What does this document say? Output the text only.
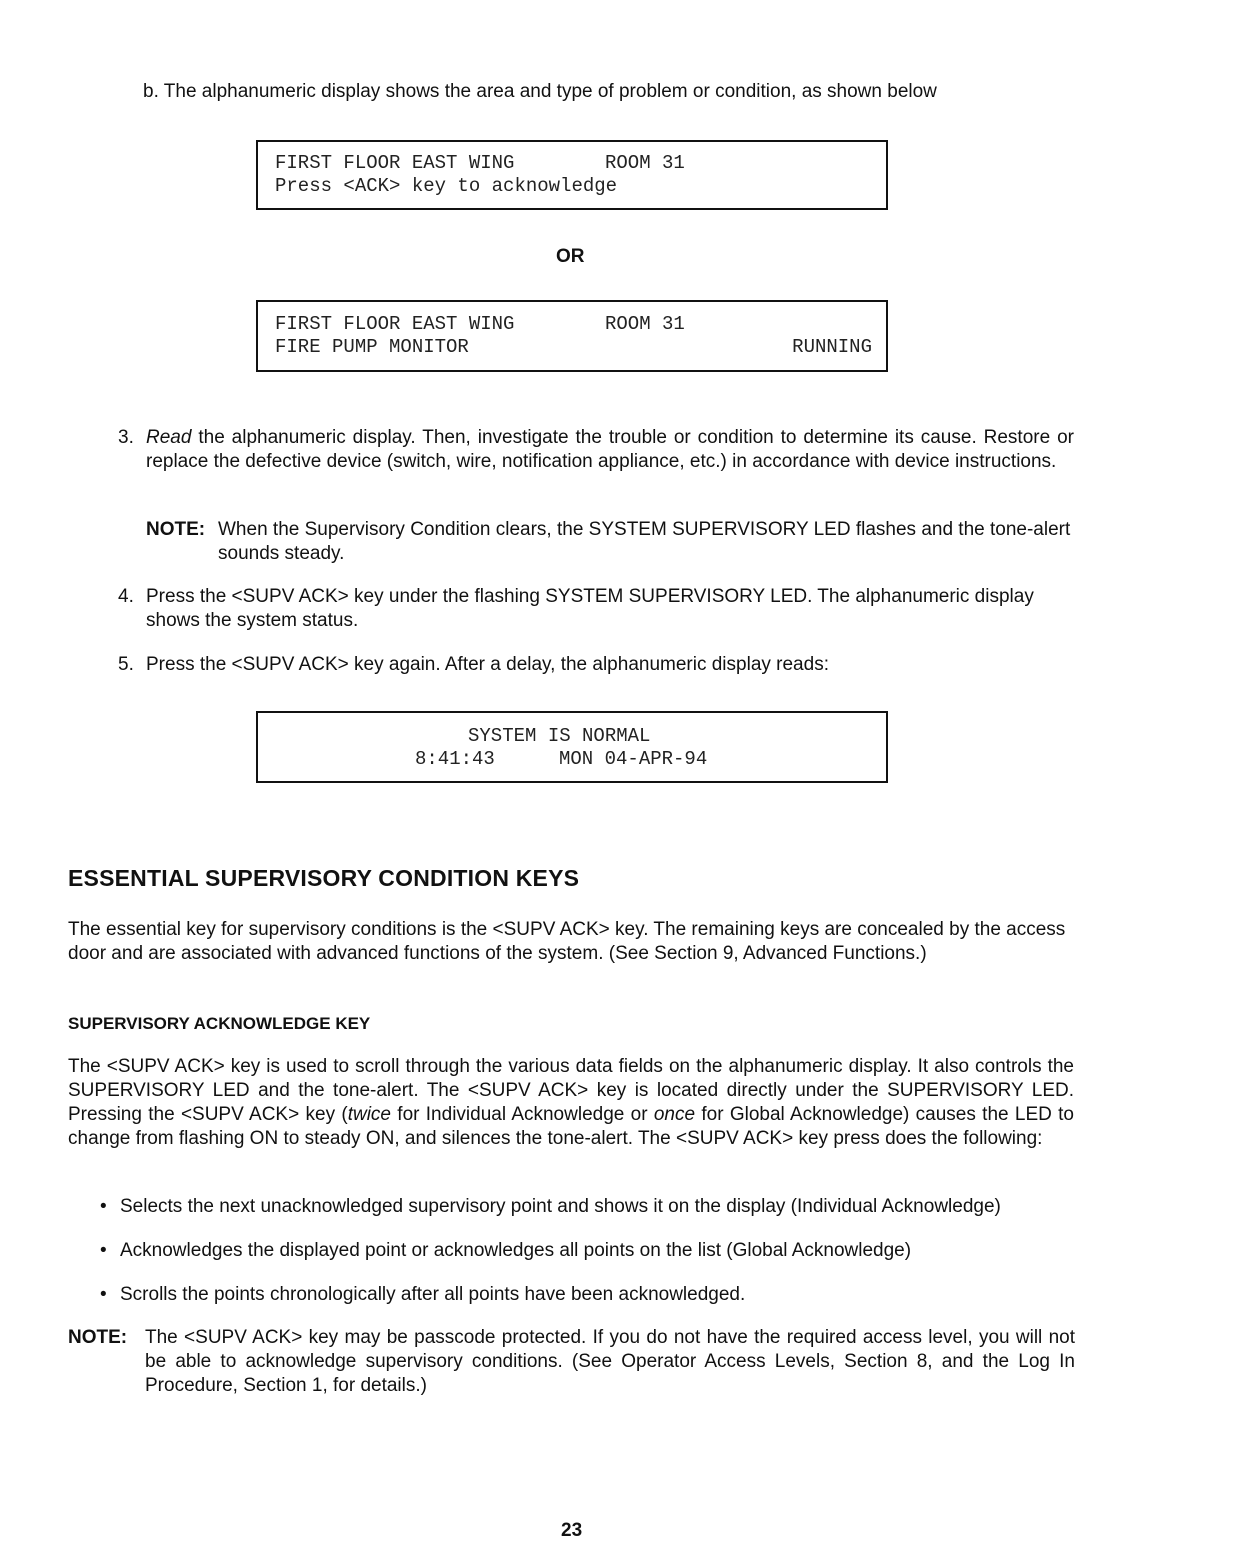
b. The alphanumeric display shows the area and type of problem or condition, as shown below

FIRST FLOOR EAST WING

	ROOM 31

Press <ACK> key to acknowledge

OR

FIRST FLOOR EAST WING

	ROOM 31

FIRE PUMP MONITOR

	RUNNING

3. Read the alphanumeric display. Then, investigate the trouble or condition to determine its cause. Restore or replace the defective device (switch, wire, notification appliance, etc.) in accordance with device instructions.
NOTE: When the Supervisory Condition clears, the SYSTEM SUPERVISORY LED flashes and the tone-alert sounds steady.
4. Press the <SUPV ACK> key under the flashing SYSTEM SUPERVISORY LED. The alphanumeric display shows the system status.
5. Press the <SUPV ACK> key again. After a delay, the alphanumeric display reads:

SYSTEM IS NORMAL

8:41:43

	MON 04-APR-94

ESSENTIAL SUPERVISORY CONDITION KEYS
The essential key for supervisory conditions is the <SUPV ACK> key. The remaining keys are concealed by the access door and are associated with advanced functions of the system. (See Section 9, Advanced Functions.)
SUPERVISORY ACKNOWLEDGE KEY
The <SUPV ACK> key is used to scroll through the various data fields on the alphanumeric display. It also controls the SUPERVISORY LED and the tone-alert. The <SUPV ACK> key is located directly under the SUPERVISORY LED. Pressing the <SUPV ACK> key (twice for Individual Acknowledge or once for Global Acknowledge) causes the LED to change from flashing ON to steady ON, and silences the tone-alert. The <SUPV ACK> key press does the following:
• Selects the next unacknowledged supervisory point and shows it on the display (Individual Acknowledge)
• Acknowledges the displayed point or acknowledges all points on the list (Global Acknowledge)
• Scrolls the points chronologically after all points have been acknowledged.
NOTE: The <SUPV ACK> key may be passcode protected. If you do not have the required access level, you will not be able to acknowledge supervisory conditions. (See Operator Access Levels, Section 8, and the Log In Procedure, Section 1, for details.)
23
